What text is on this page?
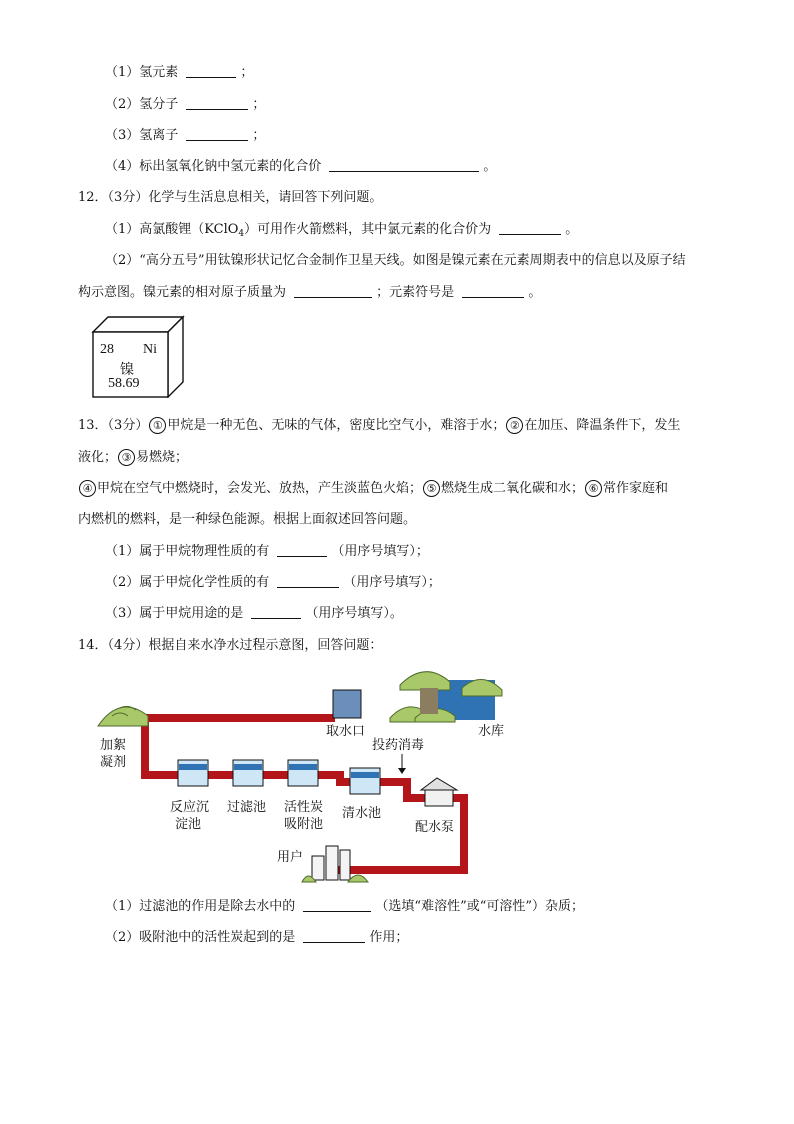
（1）氢元素	；
（2）氢分子	；
（3）氢离子	；
（4）标出氢氧化钠中氢元素的化合价	。
12．（3分）化学与生活息息相关，请回答下列问题。
（1）高氯酸锂（KClO$_4$）可用作火箭燃料，其中氯元素的化合价为	。
（2）“高分五号”用钛镍形状记忆合金制作卫星天线。如图是镍元素在元素周期表中的信息以及原子结
构示意图。镍元素的相对原子质量为	；元素符号是	。
28 Ni
镍
58.69
13．（3分） ① 甲烷是一种无色、无味的气体，密度比空气小，难溶于水； ② 在加压、降温条件下，发生
液化； ③ 易燃烧；
④ 甲烷在空气中燃烧时，会发光、放热，产生淡蓝色火焰； ⑤ 燃烧生成二氧化碳和水； ⑥ 常作家庭和
内燃机的燃料，是一种绿色能源。根据上面叙述回答问题。
（1）属于甲烷物理性质的有	（用序号填写）；
（2）属于甲烷化学性质的有	（用序号填写）；
（3）属于甲烷用途的是	（用序号填写）。
14．（4分）根据自来水净水过程示意图，回答问题：
取水口	水库
加絮
凝剂
投药消毒
反应沉
淀池
过滤池 活性炭
吸附池
清水池
配水泵
用户
（1）过滤池的作用是除去水中的	（选填“难溶性”或“可溶性”）杂质；
（2）吸附池中的活性炭起到的是	作用；
